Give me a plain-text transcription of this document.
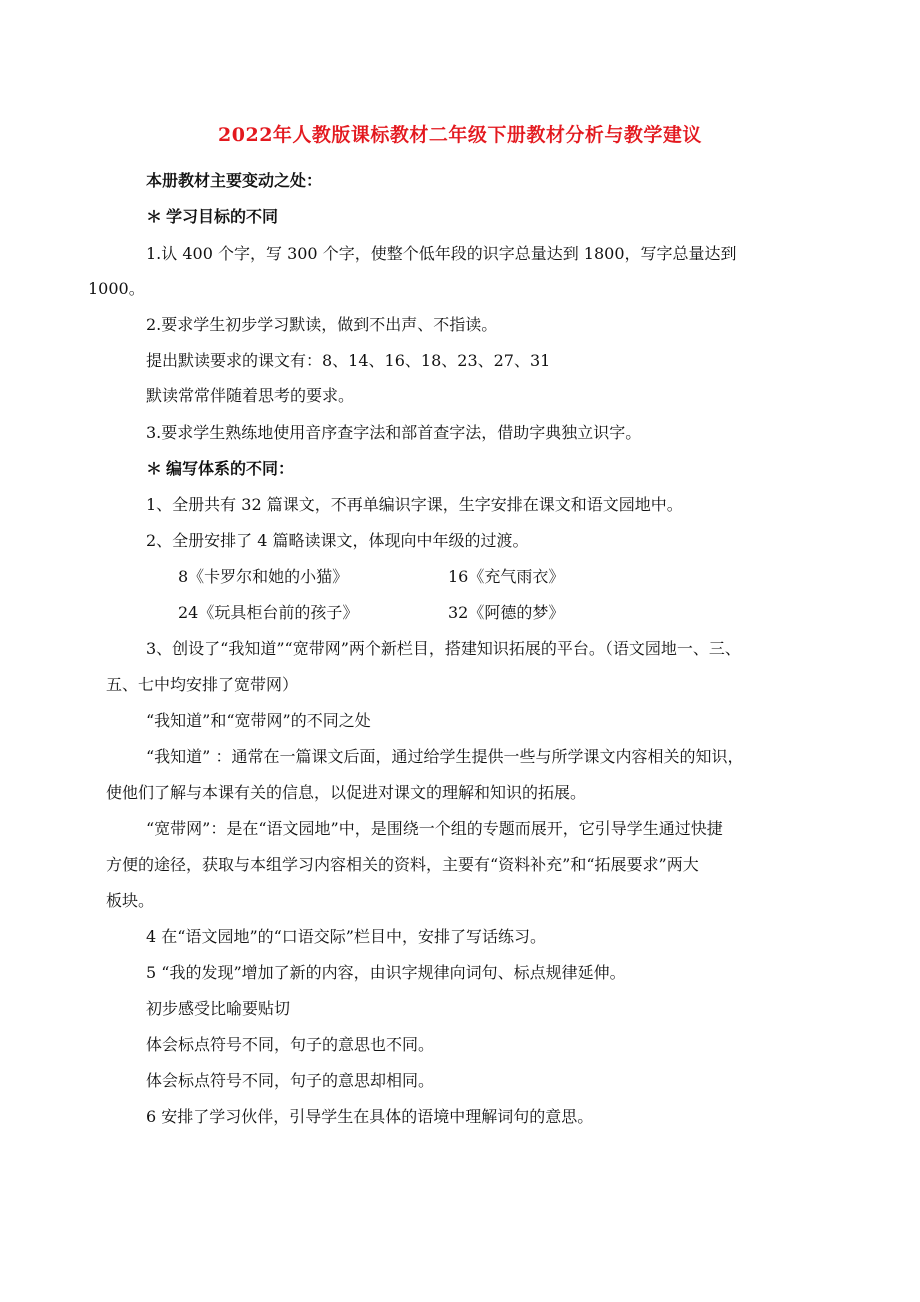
2022年人教版课标教材二年级下册教材分析与教学建议
本册教材主要变动之处：
＊ 学习目标的不同
1.认 400 个字，写 300 个字，使整个低年段的识字总量达到 1800，写字总量达到
1000。
2.要求学生初步学习默读，做到不出声、不指读。
提出默读要求的课文有：8、14、16、18、23、27、31
默读常常伴随着思考的要求。
3.要求学生熟练地使用音序查字法和部首查字法，借助字典独立识字。
＊ 编写体系的不同：
1、全册共有 32 篇课文，不再单编识字课，生字安排在课文和语文园地中。
2、全册安排了 4 篇略读课文，体现向中年级的过渡。
8《卡罗尔和她的小猫》	16《充气雨衣》
24《玩具柜台前的孩子》	32《阿德的梦》
3、创设了“我知道”“宽带网”两个新栏目，搭建知识拓展的平台。（语文园地一、三、
五、七中均安排了宽带网）
“我知道”和“宽带网”的不同之处
“我知道” ：通常在一篇课文后面，通过给学生提供一些与所学课文内容相关的知识，
使他们了解与本课有关的信息，以促进对课文的理解和知识的拓展。
“宽带网”：是在“语文园地”中，是围绕一个组的专题而展开，它引导学生通过快捷
方便的途径，获取与本组学习内容相关的资料，主要有“资料补充”和“拓展要求”两大
板块。
4 在“语文园地”的“口语交际”栏目中，安排了写话练习。
5 “我的发现”增加了新的内容，由识字规律向词句、标点规律延伸。
初步感受比喻要贴切
体会标点符号不同，句子的意思也不同。
体会标点符号不同，句子的意思却相同。
6 安排了学习伙伴，引导学生在具体的语境中理解词句的意思。
